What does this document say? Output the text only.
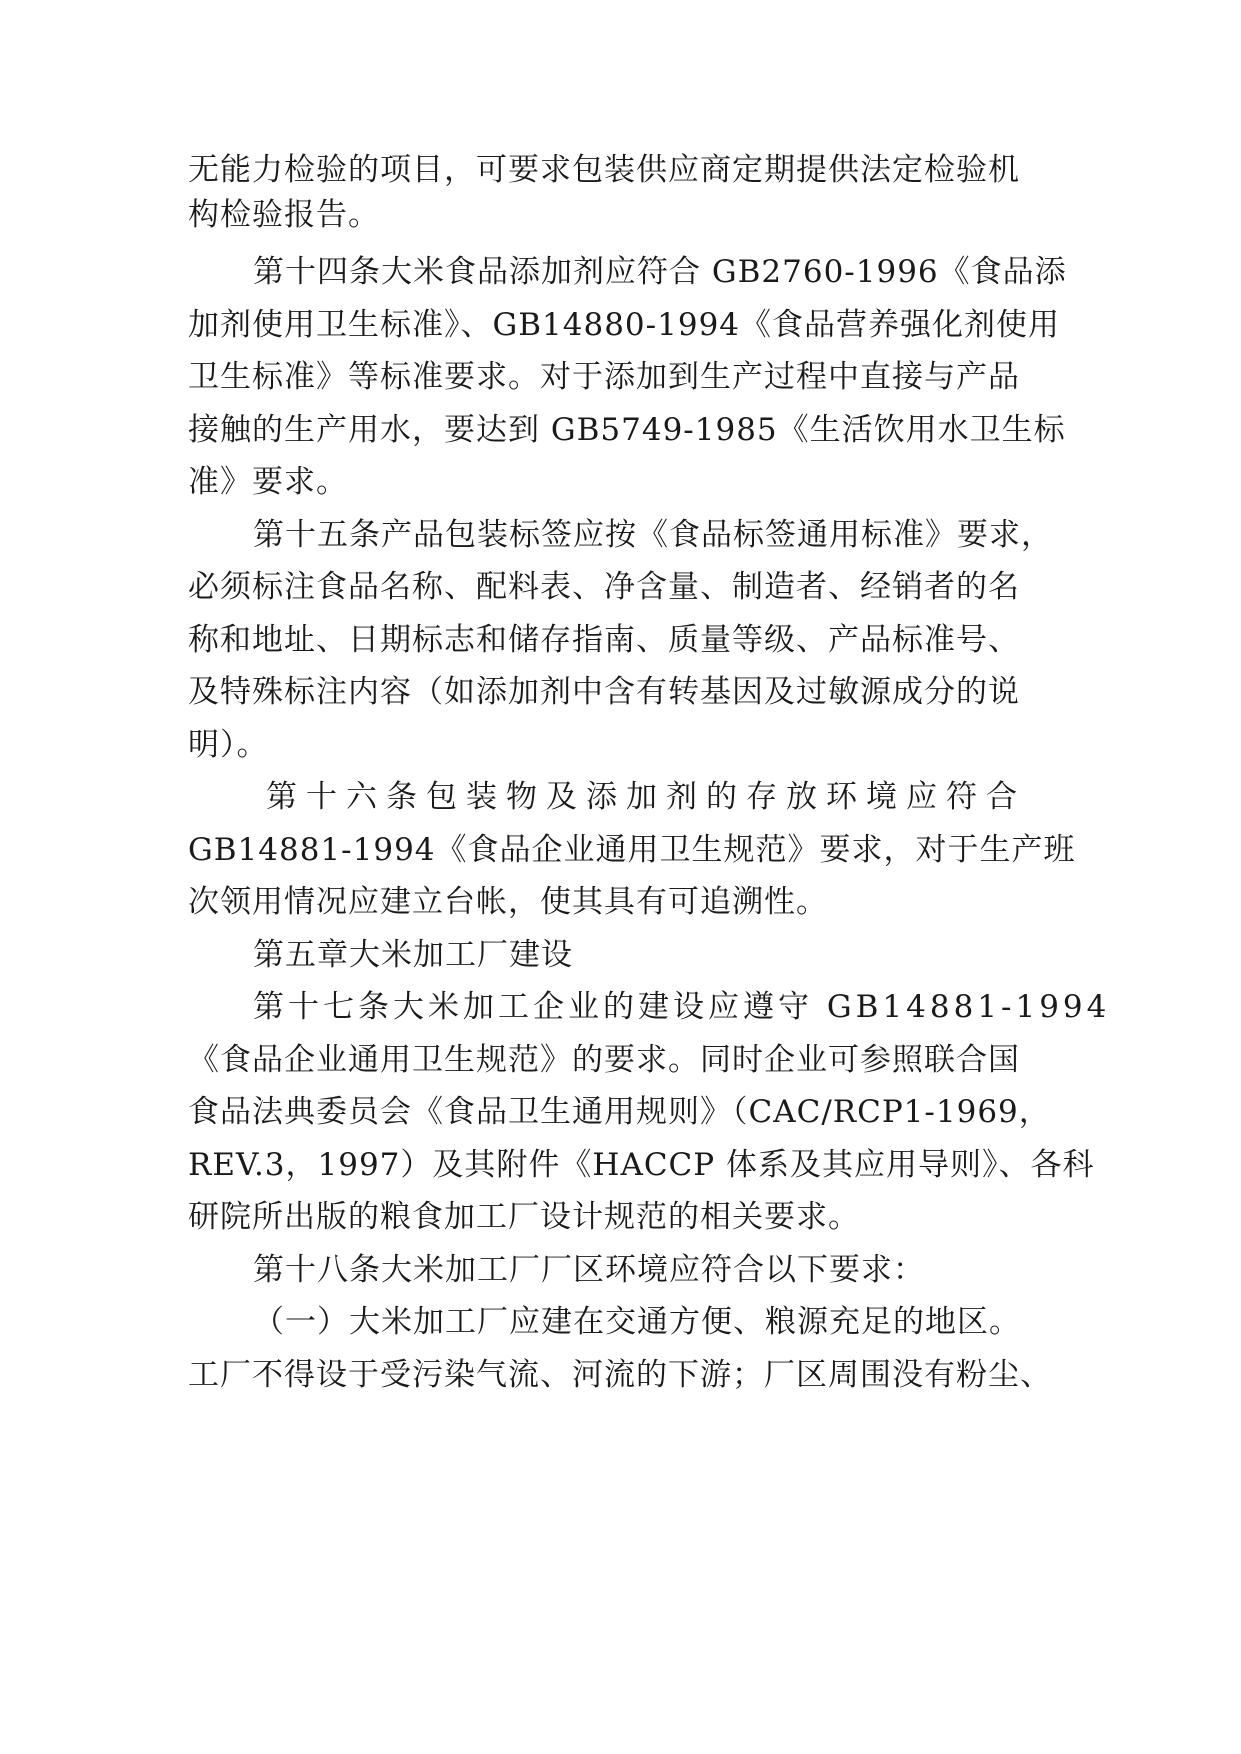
无能力检验的项目，可要求包装供应商定期提供法定检验机
构检验报告。
第十四条大米食品添加剂应符合 GB2760-1996《食品添
加剂使用卫生标准》、GB14880-1994《食品营养强化剂使用
卫生标准》等标准要求。对于添加到生产过程中直接与产品
接触的生产用水，要达到 GB5749-1985《生活饮用水卫生标
准》要求。
第十五条产品包装标签应按《食品标签通用标准》要求，
必须标注食品名称、配料表、净含量、制造者、经销者的名
称和地址、日期标志和储存指南、质量等级、产品标准号、
及特殊标注内容（如添加剂中含有转基因及过敏源成分的说
明）。
第十六条包装物及添加剂的存放环境应符合
GB14881-1994《食品企业通用卫生规范》要求，对于生产班
次领用情况应建立台帐，使其具有可追溯性。
第五章大米加工厂建设
第十七条大米加工企业的建设应遵守 GB14881-1994
《食品企业通用卫生规范》的要求。同时企业可参照联合国
食品法典委员会《食品卫生通用规则》（CAC/RCP1-1969，
REV.3，1997）及其附件《HACCP 体系及其应用导则》、各科
研院所出版的粮食加工厂设计规范的相关要求。
第十八条大米加工厂厂区环境应符合以下要求：
（一）大米加工厂应建在交通方便、粮源充足的地区。
工厂不得设于受污染气流、河流的下游；厂区周围没有粉尘、
